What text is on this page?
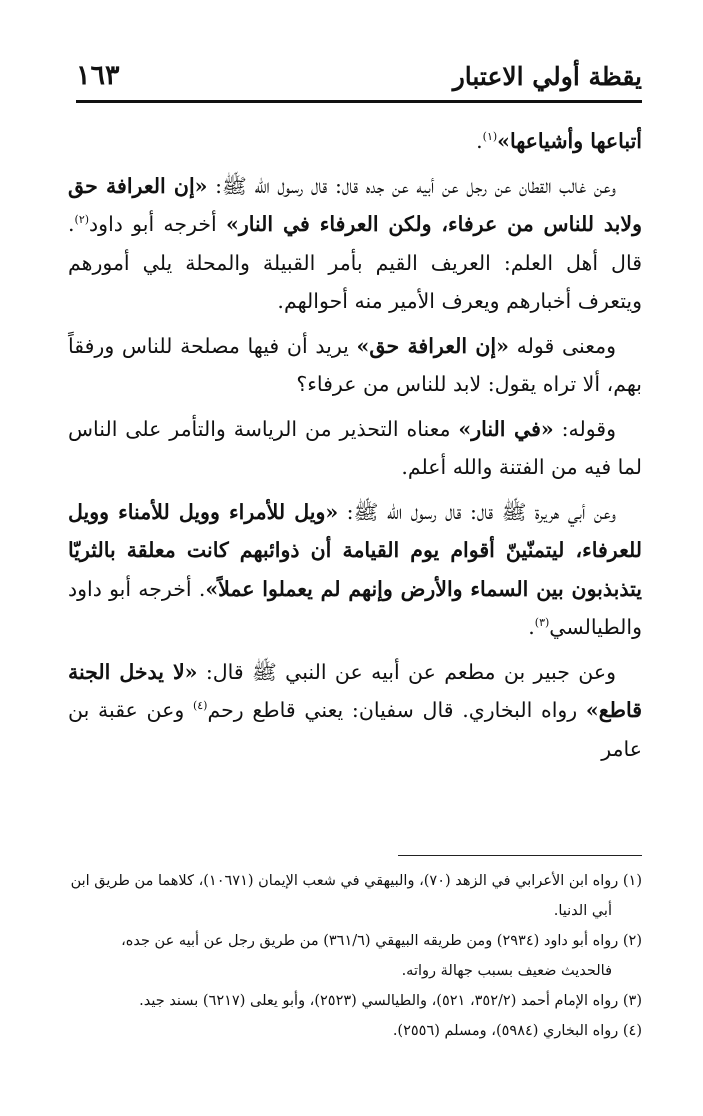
يقظة أولي الاعتبار
١٦٣

أتباعها وأشياعها»$^{(١)}$.

وعن غالب القطان عن رجل عن أبيه عن جده قال: قال رسول الله ﷺ: «إن العرافة حق ولابد للناس من عرفاء، ولكن العرفاء في النار» أخرجه أبو داود$^{(٢)}$. قال أهل العلم: العريف القيم بأمر القبيلة والمحلة يلي أمورهم ويتعرف أخبارهم ويعرف الأمير منه أحوالهم.

ومعنى قوله «إن العرافة حق» يريد أن فيها مصلحة للناس ورفقاً بهم، ألا تراه يقول: لابد للناس من عرفاء؟

وقوله: «في النار» معناه التحذير من الرياسة والتأمر على الناس لما فيه من الفتنة والله أعلم.

وعن أبي هريرة ﷺ قال: قال رسول الله ﷺ: «ويل للأمراء وويل للأمناء وويل للعرفاء، ليتمنّينّ أقوام يوم القيامة أن ذوائبهم كانت معلقة بالثريّا يتذبذبون بين السماء والأرض وإنهم لم يعملوا عملاً». أخرجه أبو داود والطيالسي$^{(٣)}$.

وعن جبير بن مطعم عن أبيه عن النبي ﷺ قال: «لا يدخل الجنة قاطع» رواه البخاري. قال سفيان: يعني قاطع رحم$^{(٤)}$ وعن عقبة بن عامر

(١) رواه ابن الأعرابي في الزهد (٧٠)، والبيهقي في شعب الإيمان (١٠٦٧١)، كلاهما من طريق ابن
أبي الدنيا.
(٢) رواه أبو داود (٢٩٣٤) ومن طريقه البيهقي (٣٦١/٦) من طريق رجل عن أبيه عن جده،
فالحديث ضعيف بسبب جهالة رواته.
(٣) رواه الإمام أحمد (٣٥٢/٢، ٥٢١)، والطيالسي (٢٥٢٣)، وأبو يعلى (٦٢١٧) بسند جيد.
(٤) رواه البخاري (٥٩٨٤)، ومسلم (٢٥٥٦).
